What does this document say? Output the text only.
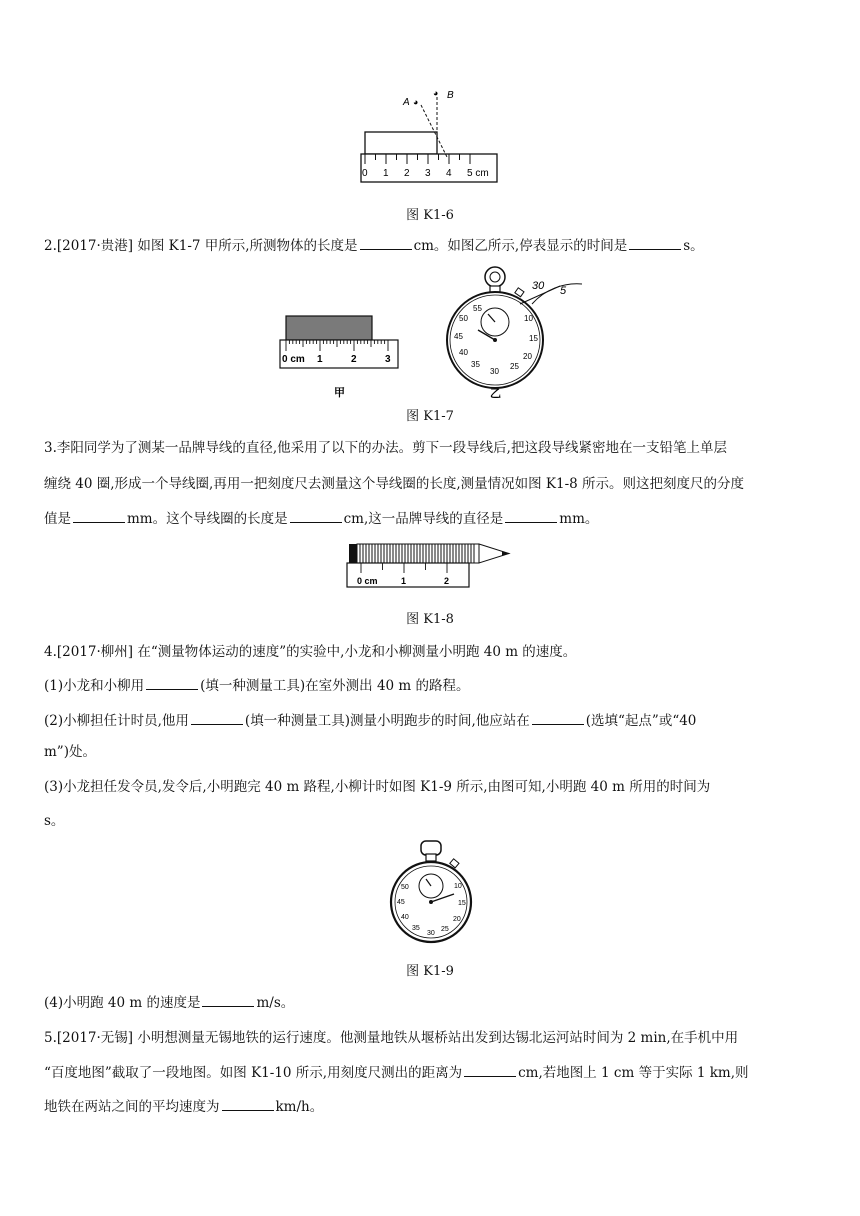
A ◕
◕ B
0 1 2 3 4 5 cm
图 K1-6
2.[2017·贵港] 如图 K1-7 甲所示,所测物体的长度是	cm。如图乙所示,停表显示的时间是	s。
0 cm 1	2	3
甲
50	10
15
20
25
30
35
40
45
55
30 5
乙
图 K1-7
3.李阳同学为了测某一品牌导线的直径,他采用了以下的办法。剪下一段导线后,把这段导线紧密地在一支铅笔上单层
缠绕 40 圈,形成一个导线圈,再用一把刻度尺去测量这个导线圈的长度,测量情况如图 K1-8 所示。则这把刻度尺的分度
值是	mm。这个导线圈的长度是	cm,这一品牌导线的直径是	mm。
0 cm	1	2
图 K1-8
4.[2017·柳州] 在“测量物体运动的速度”的实验中,小龙和小柳测量小明跑 40 m 的速度。
(1)小龙和小柳用	(填一种测量工具)在室外测出 40 m 的路程。
(2)小柳担任计时员,他用	(填一种测量工具)测量小明跑步的时间,他应站在	(选填“起点”或“40
m”)处。
(3)小龙担任发令员,发令后,小明跑完 40 m 路程,小柳计时如图 K1-9 所示,由图可知,小明跑 40 m 所用的时间为
s。
10
15
20
25
30
35
40
45
50
图 K1-9
(4)小明跑 40 m 的速度是	m/s。
5.[2017·无锡] 小明想测量无锡地铁的运行速度。他测量地铁从堰桥站出发到达锡北运河站时间为 2 min,在手机中用
“百度地图”截取了一段地图。如图 K1-10 所示,用刻度尺测出的距离为	cm,若地图上 1 cm 等于实际 1 km,则
地铁在两站之间的平均速度为	km/h。
